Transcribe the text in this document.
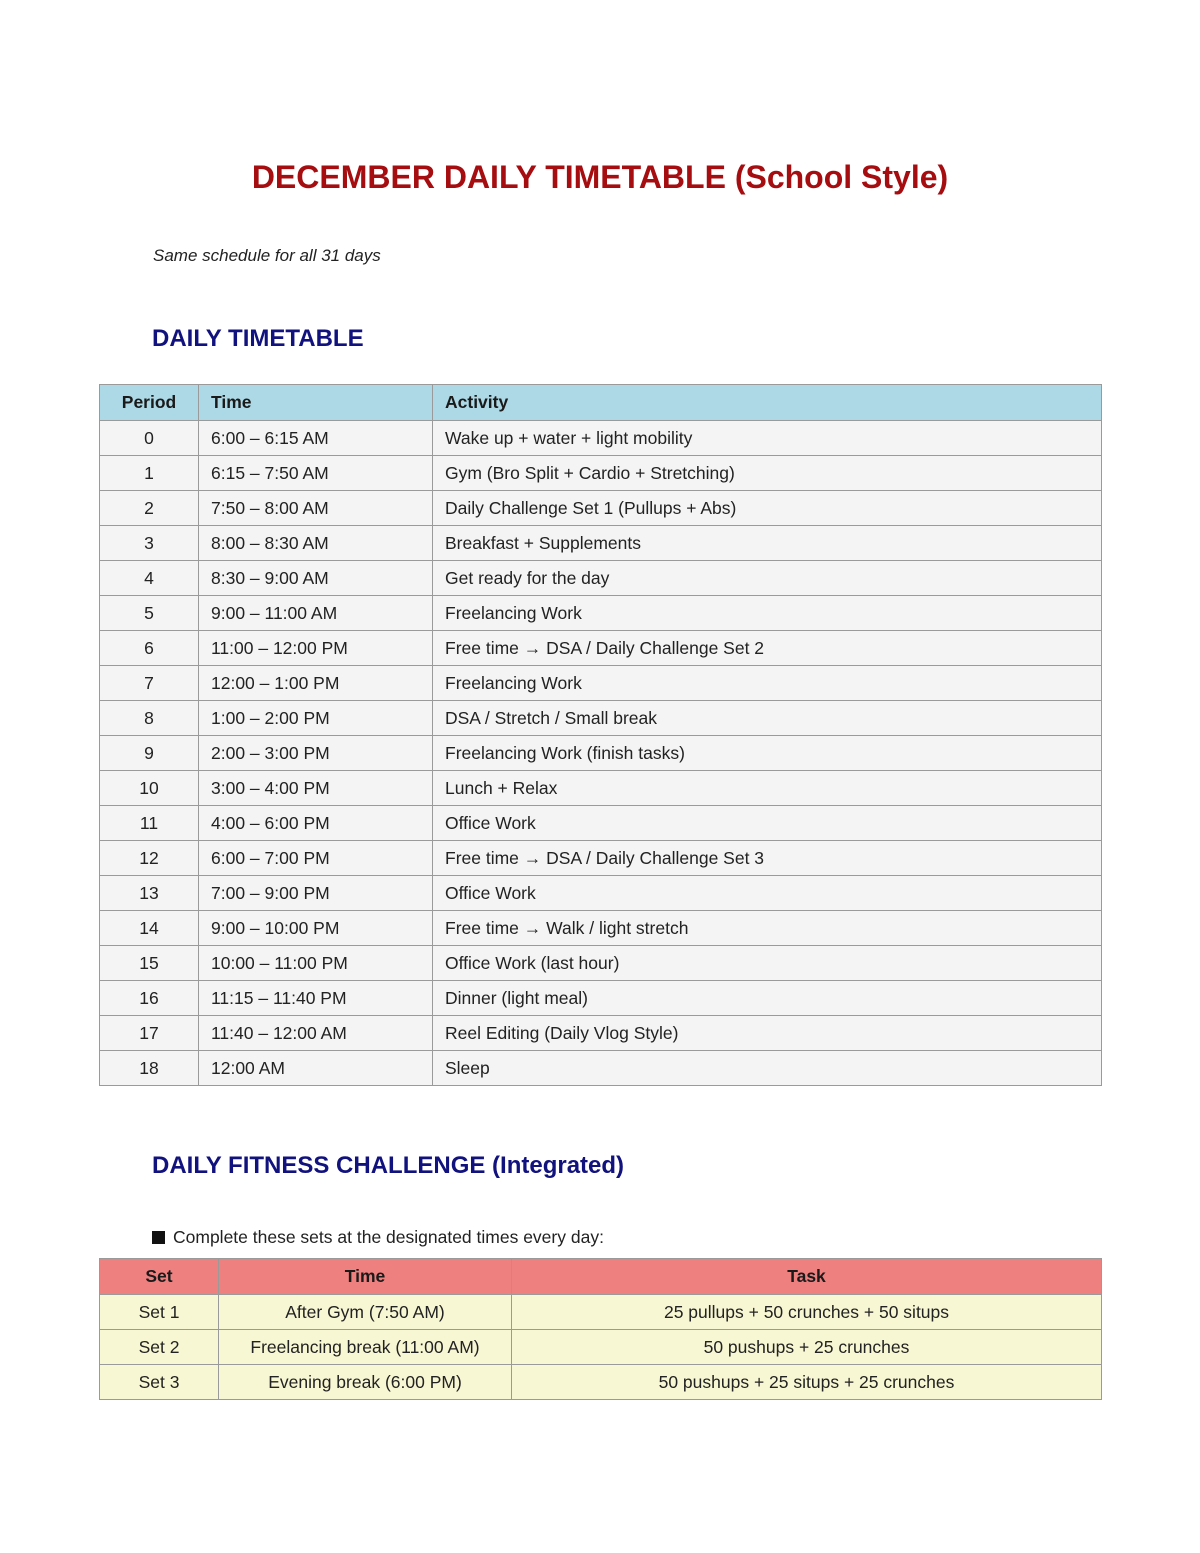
DECEMBER DAILY TIMETABLE (School Style)

Same schedule for all 31 days

DAILY TIMETABLE
Period	Time	Activity
0	6:00 – 6:15 AM	Wake up + water + light mobility
1	6:15 – 7:50 AM	Gym (Bro Split + Cardio + Stretching)
2	7:50 – 8:00 AM	Daily Challenge Set 1 (Pullups + Abs)
3	8:00 – 8:30 AM	Breakfast + Supplements
4	8:30 – 9:00 AM	Get ready for the day
5	9:00 – 11:00 AM	Freelancing Work
6	11:00 – 12:00 PM	Free time → DSA / Daily Challenge Set 2
7	12:00 – 1:00 PM	Freelancing Work
8	1:00 – 2:00 PM	DSA / Stretch / Small break
9	2:00 – 3:00 PM	Freelancing Work (finish tasks)
10	3:00 – 4:00 PM	Lunch + Relax
11	4:00 – 6:00 PM	Office Work
12	6:00 – 7:00 PM	Free time → DSA / Daily Challenge Set 3
13	7:00 – 9:00 PM	Office Work
14	9:00 – 10:00 PM	Free time → Walk / light stretch
15	10:00 – 11:00 PM	Office Work (last hour)
16	11:15 – 11:40 PM	Dinner (light meal)
17	11:40 – 12:00 AM	Reel Editing (Daily Vlog Style)
18	12:00 AM	Sleep
DAILY FITNESS CHALLENGE (Integrated)

Complete these sets at the designated times every day:

Set	Time	Task
Set 1	After Gym (7:50 AM)	25 pullups + 50 crunches + 50 situps
Set 2	Freelancing break (11:00 AM)	50 pushups + 25 crunches
Set 3	Evening break (6:00 PM)	50 pushups + 25 situps + 25 crunches
